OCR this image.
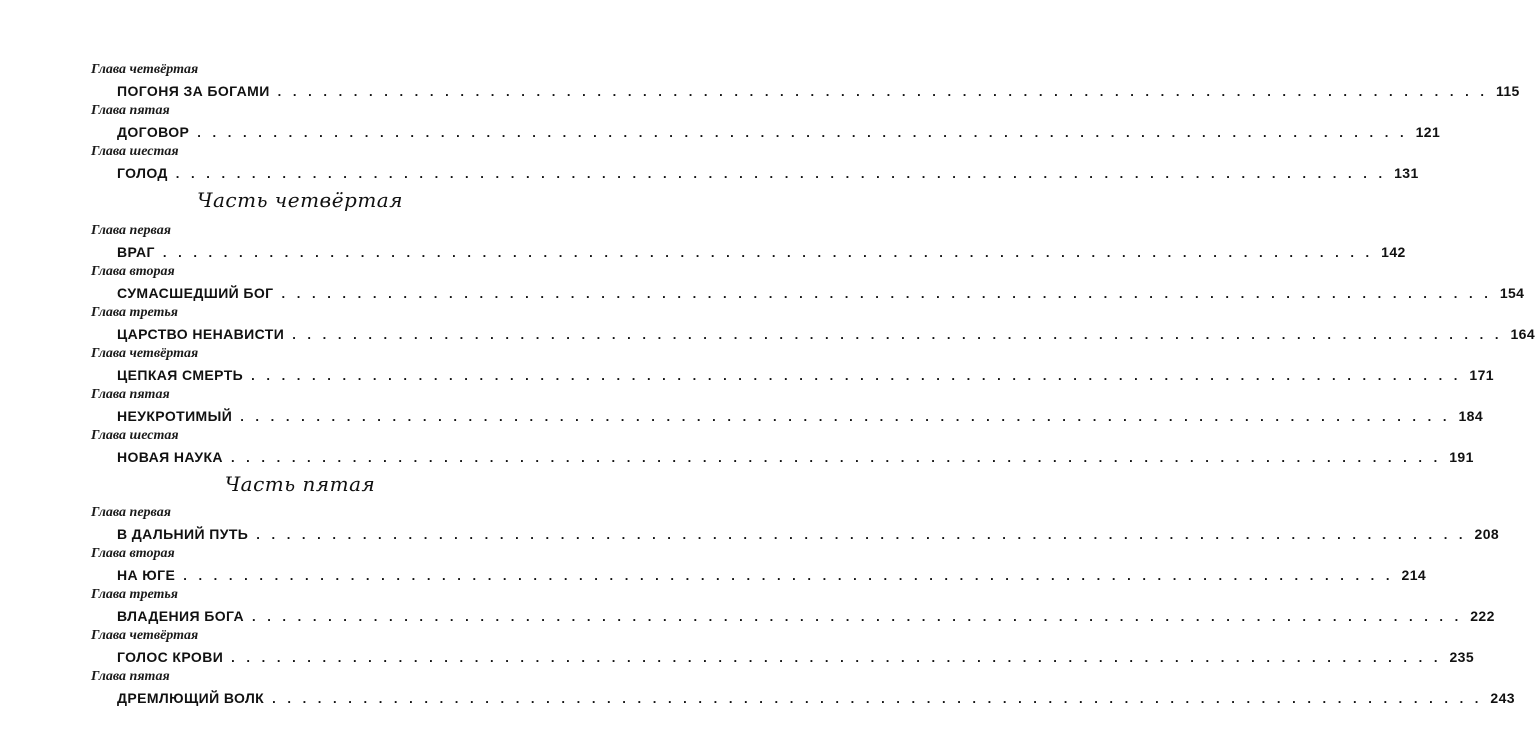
Глава четвёртая
ПОГОНЯ ЗА БОГАМИ . . . . . . . . . . . . . . . . . . . . . . . . . . . . . . . . . . . . . . . . . . . . . . . . . . . . . . . . . . . . . . . . . . . . . . . . . . . . . . . . 115
Глава пятая
ДОГОВОР . . . . . . . . . . . . . . . . . . . . . . . . . . . . . . . . . . . . . . . . . . . . . . . . . . . . . . . . . . . . . . . . . . . . . . . . . . . . . . . . 121
Глава шестая
ГОЛОД . . . . . . . . . . . . . . . . . . . . . . . . . . . . . . . . . . . . . . . . . . . . . . . . . . . . . . . . . . . . . . . . . . . . . . . . . . . . . . . . 131
Часть четвёртая
Глава первая
ВРАГ . . . . . . . . . . . . . . . . . . . . . . . . . . . . . . . . . . . . . . . . . . . . . . . . . . . . . . . . . . . . . . . . . . . . . . . . . . . . . . . . 142
Глава вторая
СУМАСШЕДШИЙ БОГ . . . . . . . . . . . . . . . . . . . . . . . . . . . . . . . . . . . . . . . . . . . . . . . . . . . . . . . . . . . . . . . . . . . . . . . . . . . . . . . . 154
Глава третья
ЦАРСТВО НЕНАВИСТИ . . . . . . . . . . . . . . . . . . . . . . . . . . . . . . . . . . . . . . . . . . . . . . . . . . . . . . . . . . . . . . . . . . . . . . . . . . . . . . . . 164
Глава четвёртая
ЦЕПКАЯ СМЕРТЬ . . . . . . . . . . . . . . . . . . . . . . . . . . . . . . . . . . . . . . . . . . . . . . . . . . . . . . . . . . . . . . . . . . . . . . . . . . . . . . . . 171
Глава пятая
НЕУКРОТИМЫЙ . . . . . . . . . . . . . . . . . . . . . . . . . . . . . . . . . . . . . . . . . . . . . . . . . . . . . . . . . . . . . . . . . . . . . . . . . . . . . . . . 184
Глава шестая
НОВАЯ НАУКА . . . . . . . . . . . . . . . . . . . . . . . . . . . . . . . . . . . . . . . . . . . . . . . . . . . . . . . . . . . . . . . . . . . . . . . . . . . . . . . . 191
Часть пятая
Глава первая
В ДАЛЬНИЙ ПУТЬ . . . . . . . . . . . . . . . . . . . . . . . . . . . . . . . . . . . . . . . . . . . . . . . . . . . . . . . . . . . . . . . . . . . . . . . . . . . . . . . . 208
Глава вторая
НА ЮГЕ . . . . . . . . . . . . . . . . . . . . . . . . . . . . . . . . . . . . . . . . . . . . . . . . . . . . . . . . . . . . . . . . . . . . . . . . . . . . . . . . 214
Глава третья
ВЛАДЕНИЯ БОГА . . . . . . . . . . . . . . . . . . . . . . . . . . . . . . . . . . . . . . . . . . . . . . . . . . . . . . . . . . . . . . . . . . . . . . . . . . . . . . . . 222
Глава четвёртая
ГОЛОС КРОВИ . . . . . . . . . . . . . . . . . . . . . . . . . . . . . . . . . . . . . . . . . . . . . . . . . . . . . . . . . . . . . . . . . . . . . . . . . . . . . . . . 235
Глава пятая
ДРЕМЛЮЩИЙ ВОЛК . . . . . . . . . . . . . . . . . . . . . . . . . . . . . . . . . . . . . . . . . . . . . . . . . . . . . . . . . . . . . . . . . . . . . . . . . . . . . . . . 243
